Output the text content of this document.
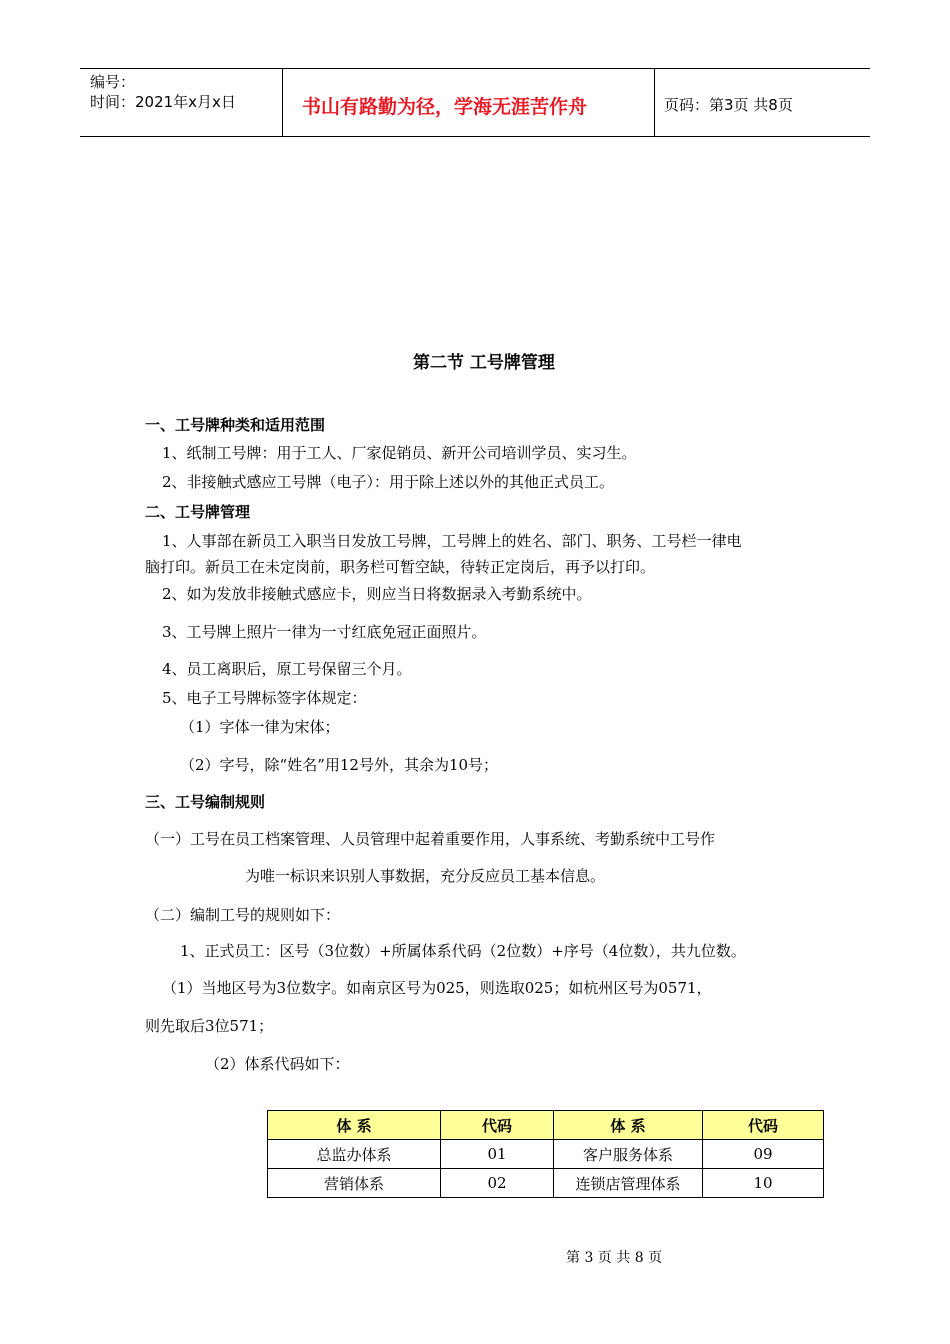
编号：
时间：2021年x月x日	书山有路勤为径，学海无涯苦作舟	页码：第3页 共8页
第二节 工号牌管理
一、工号牌种类和适用范围
1、纸制工号牌：用于工人、厂家促销员、新开公司培训学员、实习生。
2、非接触式感应工号牌（电子）：用于除上述以外的其他正式员工。
二、工号牌管理
1、人事部在新员工入职当日发放工号牌，工号牌上的姓名、部门、职务、工号栏一律电
脑打印。新员工在未定岗前，职务栏可暂空缺，待转正定岗后，再予以打印。
2、如为发放非接触式感应卡，则应当日将数据录入考勤系统中。
3、工号牌上照片一律为一寸红底免冠正面照片。
4、员工离职后，原工号保留三个月。
5、电子工号牌标签字体规定：
（1）字体一律为宋体；
（2）字号，除“姓名”用12号外，其余为10号；
三、工号编制规则
（一）工号在员工档案管理、人员管理中起着重要作用，人事系统、考勤系统中工号作
为唯一标识来识别人事数据，充分反应员工基本信息。
（二）编制工号的规则如下：
1、正式员工：区号（3位数）+所属体系代码（2位数）+序号（4位数），共九位数。
（1）当地区号为3位数字。如南京区号为025，则选取025；如杭州区号为0571，
则先取后3位571；
（2）体系代码如下：
体 系	代码	体 系	代码
总监办体系	01	客户服务体系	09
营销体系	02	连锁店管理体系	10
第 3 页 共 8 页
